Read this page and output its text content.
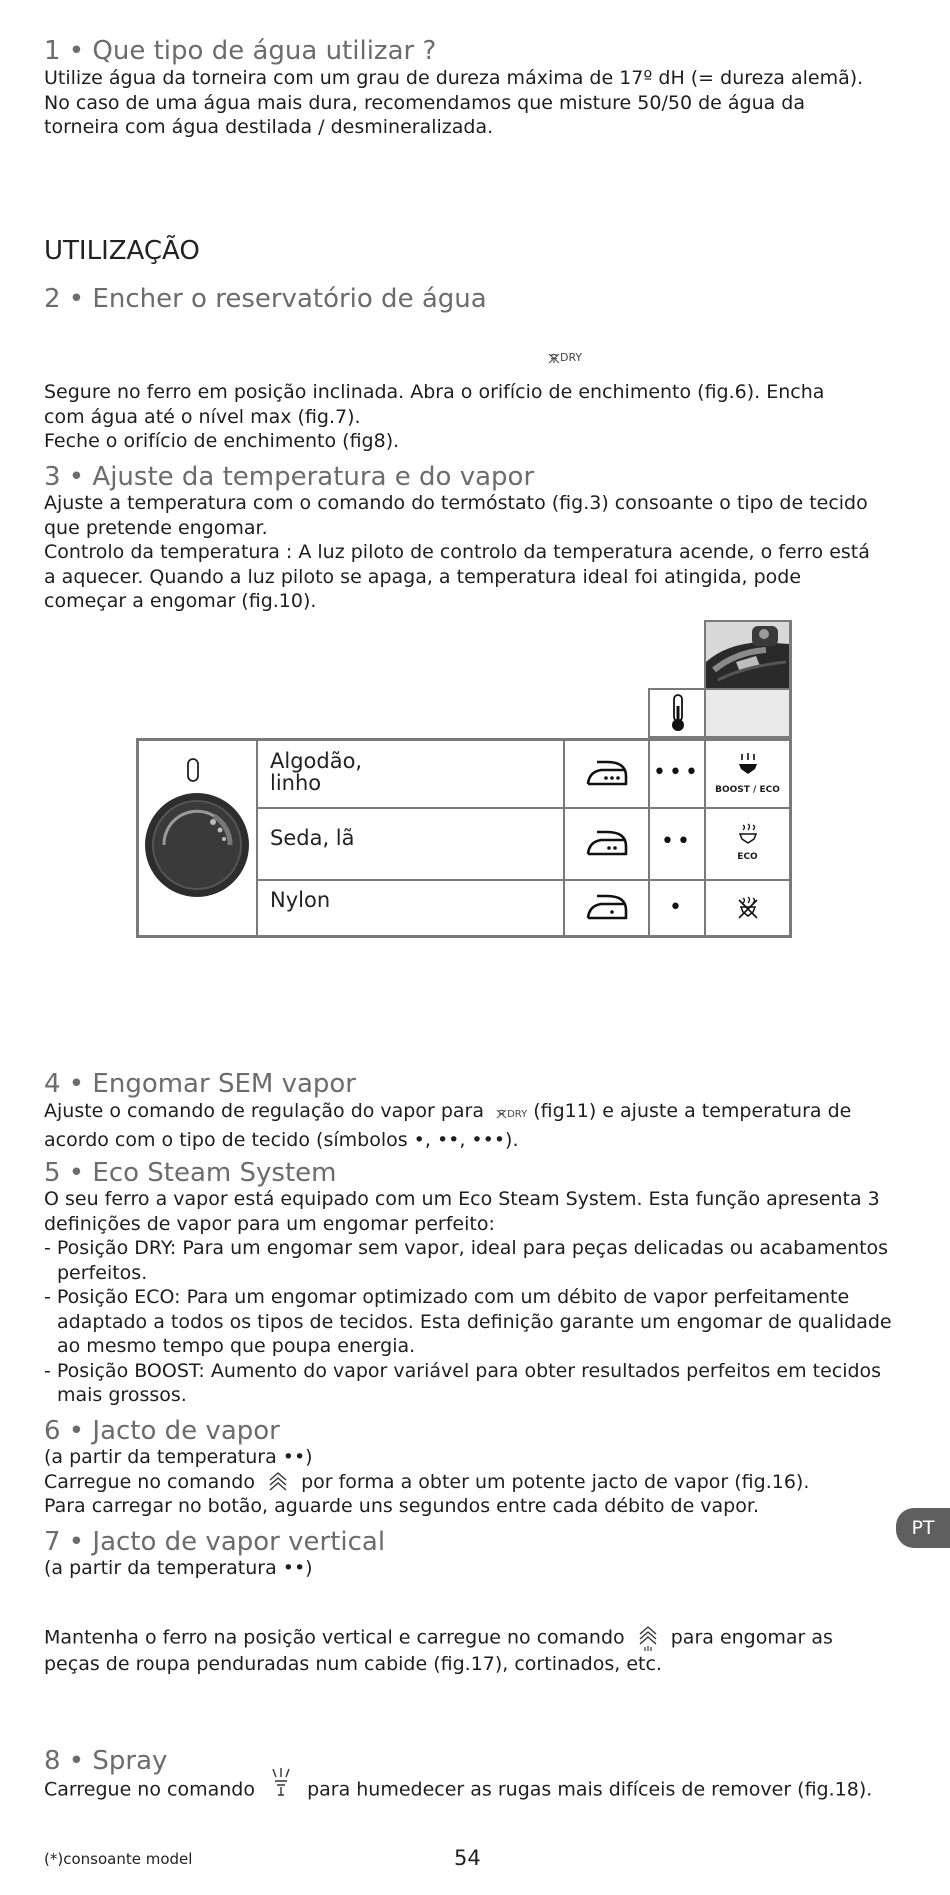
1 • Que tipo de água utilizar ?
Utilize água da torneira com um grau de dureza máxima de 17º dH (= dureza alemã).
No caso de uma água mais dura, recomendamos que misture 50/50 de água da
torneira com água destilada / desmineralizada.
UTILIZAÇÃO
2 • Encher o reservatório de água
DRY
Segure no ferro em posição inclinada. Abra o orifício de enchimento (fig.6). Encha
com água até o nível max (fig.7).
Feche o orifício de enchimento (fig8).
3 • Ajuste da temperatura e do vapor
Ajuste a temperatura com o comando do termóstato (fig.3) consoante o tipo de tecido
que pretende engomar.
Controlo da temperatura : A luz piloto de controlo da temperatura acende, o ferro está
a aquecer. Quando a luz piloto se apaga, a temperatura ideal foi atingida, pode
começar a engomar (fig.10).
Algodão,
linho	•••
BOOST / ECO
Seda, lã	••
ECO
Nylon	•
4 • Engomar SEM vapor
Ajuste o comando de regulação do vapor para DRY (fig11) e ajuste a temperatura de
acordo com o tipo de tecido (símbolos •, ••, •••).
5 • Eco Steam System
O seu ferro a vapor está equipado com um Eco Steam System. Esta função apresenta 3
definições de vapor para um engomar perfeito:
- Posição DRY: Para um engomar sem vapor, ideal para peças delicadas ou acabamentos
perfeitos.
- Posição ECO: Para um engomar optimizado com um débito de vapor perfeitamente
adaptado a todos os tipos de tecidos. Esta definição garante um engomar de qualidade
ao mesmo tempo que poupa energia.
- Posição BOOST: Aumento do vapor variável para obter resultados perfeitos em tecidos
mais grossos.
6 • Jacto de vapor
(a partir da temperatura ••)
Carregue no comando por forma a obter um potente jacto de vapor (fig.16).
Para carregar no botão, aguarde uns segundos entre cada débito de vapor.
PT
7 • Jacto de vapor vertical
(a partir da temperatura ••)
Mantenha o ferro na posição vertical e carregue no comando para engomar as
peças de roupa penduradas num cabide (fig.17), cortinados, etc.
8 • Spray
Carregue no comando	para humedecer as rugas mais difíceis de remover (fig.18).
(*)consoante model	54
